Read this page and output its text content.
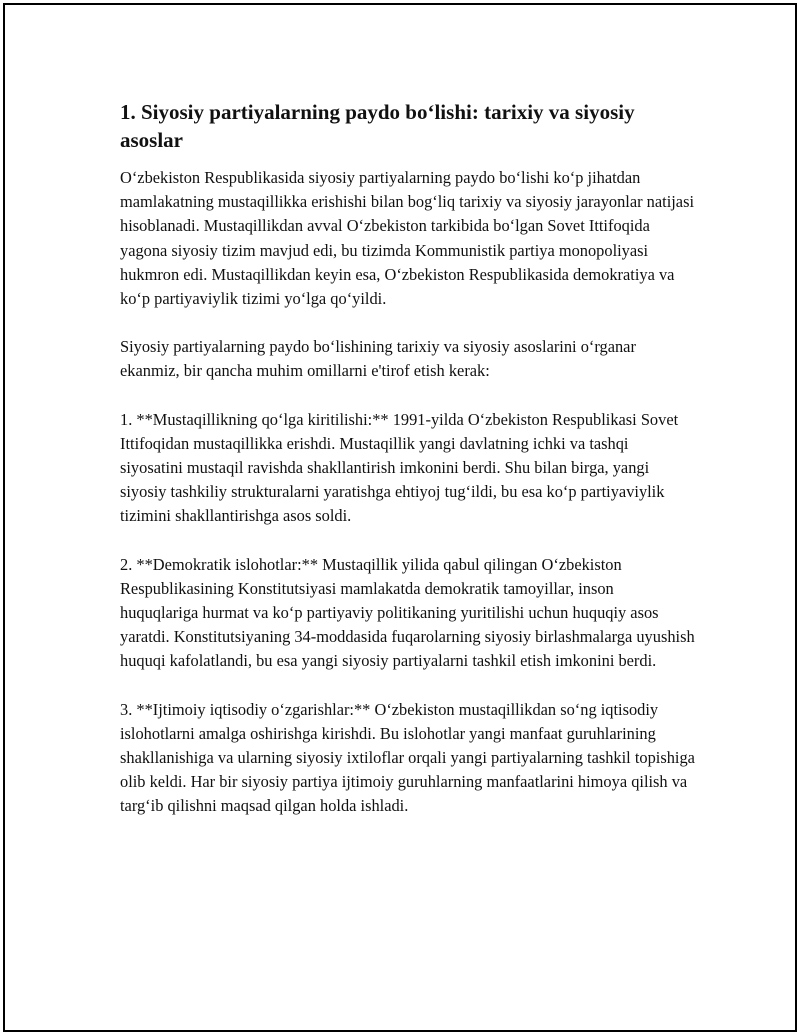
1. Siyosiy partiyalarning paydo bo‘lishi: tarixiy va siyosiy asoslar

O‘zbekiston Respublikasida siyosiy partiyalarning paydo bo‘lishi ko‘p jihatdan mamlakatning mustaqillikka erishishi bilan bog‘liq tarixiy va siyosiy jarayonlar natijasi hisoblanadi. Mustaqillikdan avval O‘zbekiston tarkibida bo‘lgan Sovet Ittifoqida yagona siyosiy tizim mavjud edi, bu tizimda Kommunistik partiya monopoliyasi hukmron edi. Mustaqillikdan keyin esa, O‘zbekiston Respublikasida demokratiya va ko‘p partiyaviylik tizimi yo‘lga qo‘yildi.

Siyosiy partiyalarning paydo bo‘lishining tarixiy va siyosiy asoslarini o‘rganar ekanmiz, bir qancha muhim omillarni e'tirof etish kerak:

1. **Mustaqillikning qo‘lga kiritilishi:** 1991-yilda O‘zbekiston Respublikasi Sovet Ittifoqidan mustaqillikka erishdi. Mustaqillik yangi davlatning ichki va tashqi siyosatini mustaqil ravishda shakllantirish imkonini berdi. Shu bilan birga, yangi siyosiy tashkiliy strukturalarni yaratishga ehtiyoj tug‘ildi, bu esa ko‘p partiyaviylik tizimini shakllantirishga asos soldi.

2. **Demokratik islohotlar:** Mustaqillik yilida qabul qilingan O‘zbekiston Respublikasining Konstitutsiyasi mamlakatda demokratik tamoyillar, inson huquqlariga hurmat va ko‘p partiyaviy politikaning yuritilishi uchun huquqiy asos yaratdi. Konstitutsiyaning 34-moddasida fuqarolarning siyosiy birlashmalarga uyushish huquqi kafolatlandi, bu esa yangi siyosiy partiyalarni tashkil etish imkonini berdi.

3. **Ijtimoiy iqtisodiy o‘zgarishlar:** O‘zbekiston mustaqillikdan so‘ng iqtisodiy islohotlarni amalga oshirishga kirishdi. Bu islohotlar yangi manfaat guruhlarining shakllanishiga va ularning siyosiy ixtiloflar orqali yangi partiyalarning tashkil topishiga olib keldi. Har bir siyosiy partiya ijtimoiy guruhlarning manfaatlarini himoya qilish va targ‘ib qilishni maqsad qilgan holda ishladi.
